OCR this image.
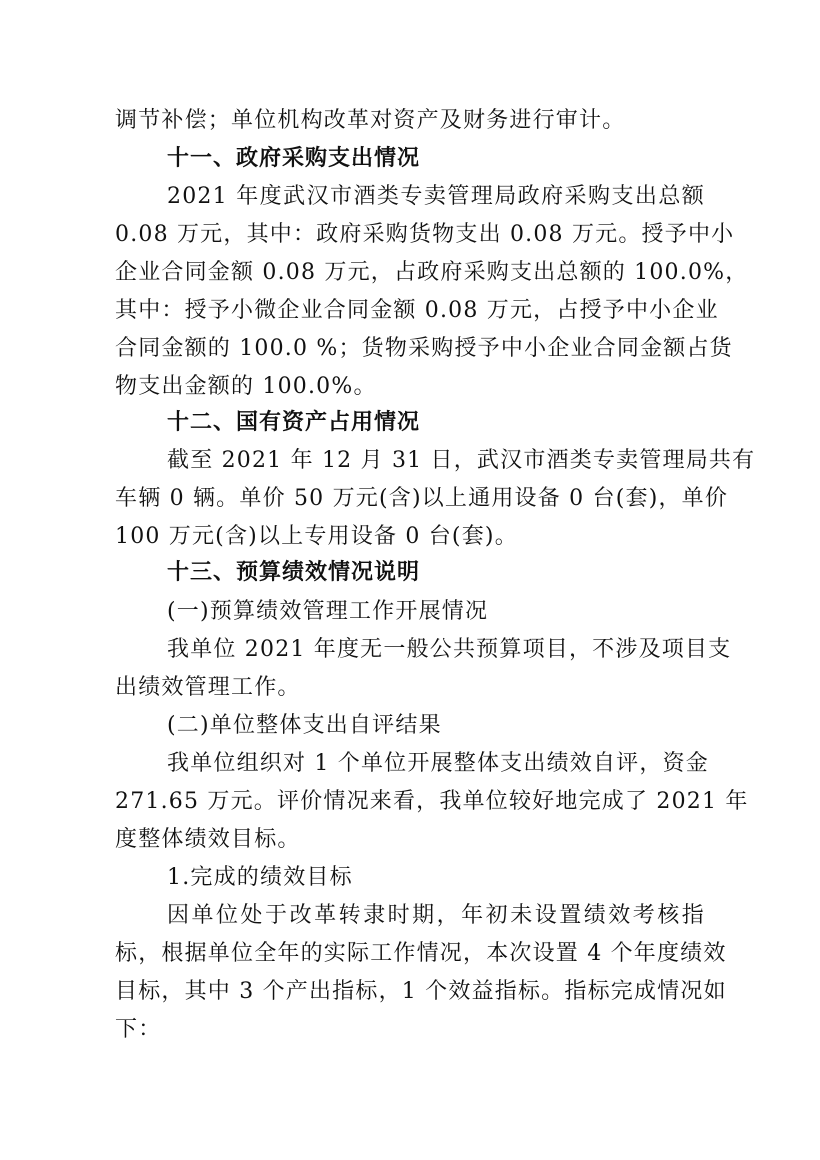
调节补偿；单位机构改革对资产及财务进行审计。
十一、政府采购支出情况
2021 年度武汉市酒类专卖管理局政府采购支出总额
0.08 万元，其中：政府采购货物支出 0.08 万元。授予中小
企业合同金额 0.08 万元，占政府采购支出总额的 100.0%，
其中：授予小微企业合同金额 0.08 万元，占授予中小企业
合同金额的 100.0 %；货物采购授予中小企业合同金额占货
物支出金额的 100.0%。
十二、国有资产占用情况
截至 2021 年 12 月 31 日，武汉市酒类专卖管理局共有
车辆 0 辆。单价 50 万元(含)以上通用设备 0 台(套)，单价
100 万元(含)以上专用设备 0 台(套)。
十三、预算绩效情况说明
(一)预算绩效管理工作开展情况
我单位 2021 年度无一般公共预算项目，不涉及项目支
出绩效管理工作。
(二)单位整体支出自评结果
我单位组织对 1 个单位开展整体支出绩效自评，资金
271.65 万元。评价情况来看，我单位较好地完成了 2021 年
度整体绩效目标。
1.完成的绩效目标
因单位处于改革转隶时期，年初未设置绩效考核指
标，根据单位全年的实际工作情况，本次设置 4 个年度绩效
目标，其中 3 个产出指标，1 个效益指标。指标完成情况如
下：
